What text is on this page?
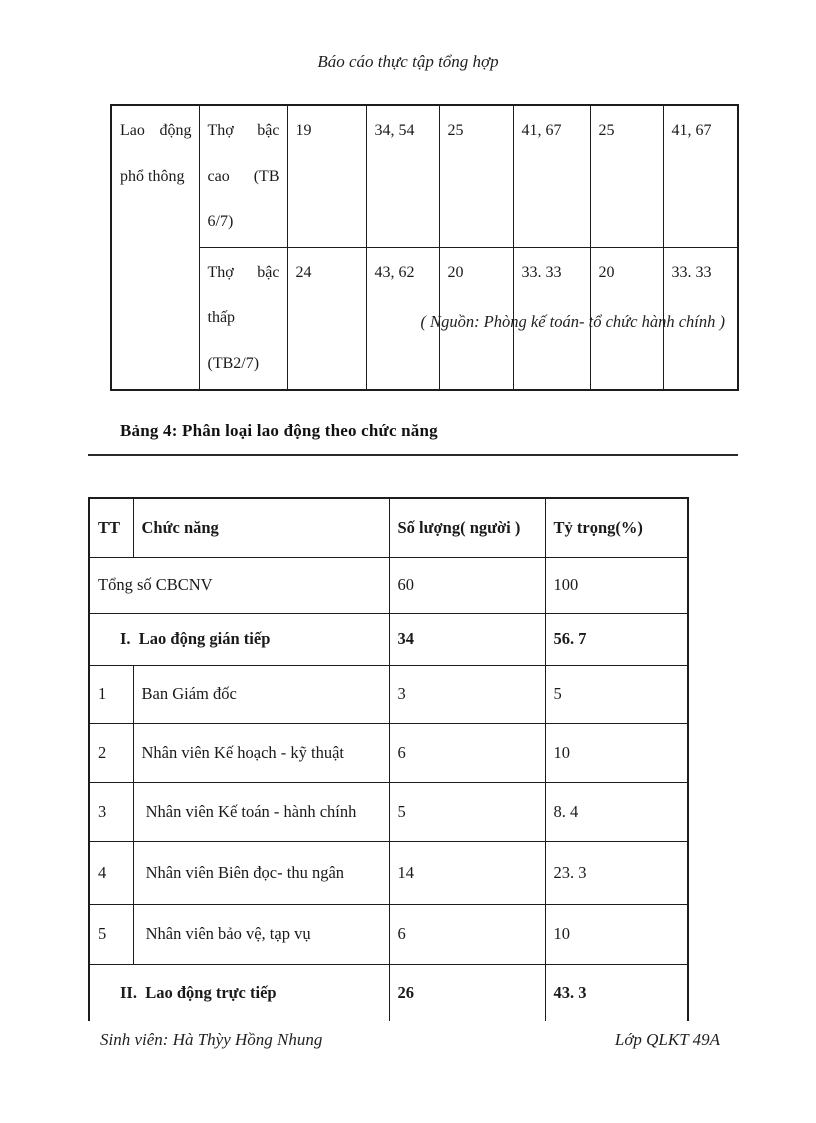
Báo cáo thực tập tổng hợp
Lao động phổ thông	Thợ bậc cao (TB 6/7)	19	34, 54	25	41, 67	25	41, 67
	Thợ bậc thấp (TB2/7)	24	43, 62	20	33. 33	20	33. 33
( Nguồn: Phòng kế toán- tổ chức hành chính )
Bảng 4: Phân loại lao động theo chức năng
TT	Chức năng	Số lượng( người )	Tỷ trọng(%)
Tổng số CBCNV		60	100
I.  Lao động gián tiếp		34	56. 7
1	Ban Giám đốc	3	5
2	Nhân viên Kế hoạch - kỹ thuật	6	10
3	Nhân viên Kế toán - hành chính	5	8. 4
4	Nhân viên Biên đọc- thu ngân	14	23. 3
5	Nhân viên bảo vệ, tạp vụ	6	10
II.  Lao động trực tiếp		26	43. 3
Sinh viên: Hà Thỳy Hồng Nhung	Lớp QLKT 49A
